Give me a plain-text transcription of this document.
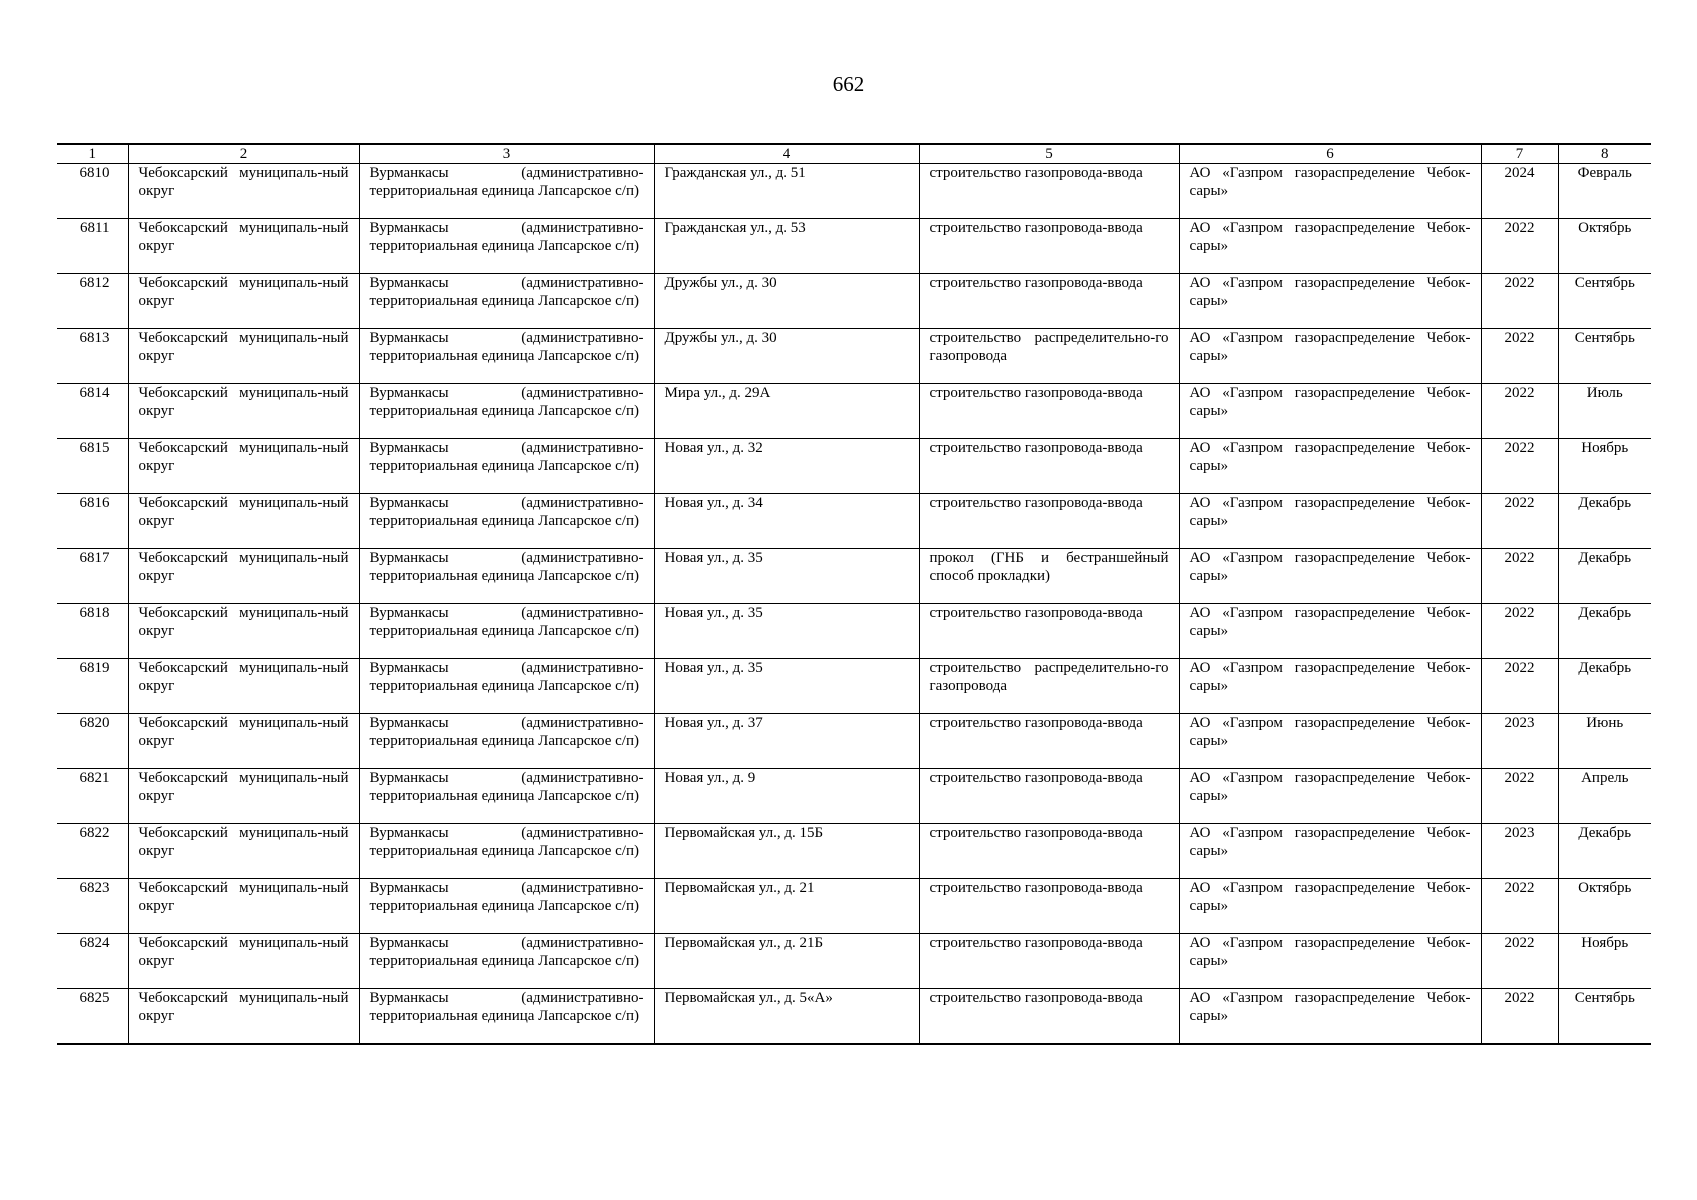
662
1	2	3	4	5	6	7	8
6810	Чебоксарский муниципаль-ный округ	Вурманкасы (административно-территориальная единица Лапсарское с/п)	Гражданская ул., д. 51	строительство газопровода-ввода	АО «Газпром газораспределение Чебок-сары»	2024	Февраль
6811	Чебоксарский муниципаль-ный округ	Вурманкасы (административно-территориальная единица Лапсарское с/п)	Гражданская ул., д. 53	строительство газопровода-ввода	АО «Газпром газораспределение Чебок-сары»	2022	Октябрь
6812	Чебоксарский муниципаль-ный округ	Вурманкасы (административно-территориальная единица Лапсарское с/п)	Дружбы ул., д. 30	строительство газопровода-ввода	АО «Газпром газораспределение Чебок-сары»	2022	Сентябрь
6813	Чебоксарский муниципаль-ный округ	Вурманкасы (административно-территориальная единица Лапсарское с/п)	Дружбы ул., д. 30	строительство распределительно-го газопровода	АО «Газпром газораспределение Чебок-сары»	2022	Сентябрь
6814	Чебоксарский муниципаль-ный округ	Вурманкасы (административно-территориальная единица Лапсарское с/п)	Мира ул., д. 29А	строительство газопровода-ввода	АО «Газпром газораспределение Чебок-сары»	2022	Июль
6815	Чебоксарский муниципаль-ный округ	Вурманкасы (административно-территориальная единица Лапсарское с/п)	Новая ул., д. 32	строительство газопровода-ввода	АО «Газпром газораспределение Чебок-сары»	2022	Ноябрь
6816	Чебоксарский муниципаль-ный округ	Вурманкасы (административно-территориальная единица Лапсарское с/п)	Новая ул., д. 34	строительство газопровода-ввода	АО «Газпром газораспределение Чебок-сары»	2022	Декабрь
6817	Чебоксарский муниципаль-ный округ	Вурманкасы (административно-территориальная единица Лапсарское с/п)	Новая ул., д. 35	прокол (ГНБ и бестраншейный способ прокладки)	АО «Газпром газораспределение Чебок-сары»	2022	Декабрь
6818	Чебоксарский муниципаль-ный округ	Вурманкасы (административно-территориальная единица Лапсарское с/п)	Новая ул., д. 35	строительство газопровода-ввода	АО «Газпром газораспределение Чебок-сары»	2022	Декабрь
6819	Чебоксарский муниципаль-ный округ	Вурманкасы (административно-территориальная единица Лапсарское с/п)	Новая ул., д. 35	строительство распределительно-го газопровода	АО «Газпром газораспределение Чебок-сары»	2022	Декабрь
6820	Чебоксарский муниципаль-ный округ	Вурманкасы (административно-территориальная единица Лапсарское с/п)	Новая ул., д. 37	строительство газопровода-ввода	АО «Газпром газораспределение Чебок-сары»	2023	Июнь
6821	Чебоксарский муниципаль-ный округ	Вурманкасы (административно-территориальная единица Лапсарское с/п)	Новая ул., д. 9	строительство газопровода-ввода	АО «Газпром газораспределение Чебок-сары»	2022	Апрель
6822	Чебоксарский муниципаль-ный округ	Вурманкасы (административно-территориальная единица Лапсарское с/п)	Первомайская ул., д. 15Б	строительство газопровода-ввода	АО «Газпром газораспределение Чебок-сары»	2023	Декабрь
6823	Чебоксарский муниципаль-ный округ	Вурманкасы (административно-территориальная единица Лапсарское с/п)	Первомайская ул., д. 21	строительство газопровода-ввода	АО «Газпром газораспределение Чебок-сары»	2022	Октябрь
6824	Чебоксарский муниципаль-ный округ	Вурманкасы (административно-территориальная единица Лапсарское с/п)	Первомайская ул., д. 21Б	строительство газопровода-ввода	АО «Газпром газораспределение Чебок-сары»	2022	Ноябрь
6825	Чебоксарский муниципаль-ный округ	Вурманкасы (административно-территориальная единица Лапсарское с/п)	Первомайская ул., д. 5«А»	строительство газопровода-ввода	АО «Газпром газораспределение Чебок-сары»	2022	Сентябрь
